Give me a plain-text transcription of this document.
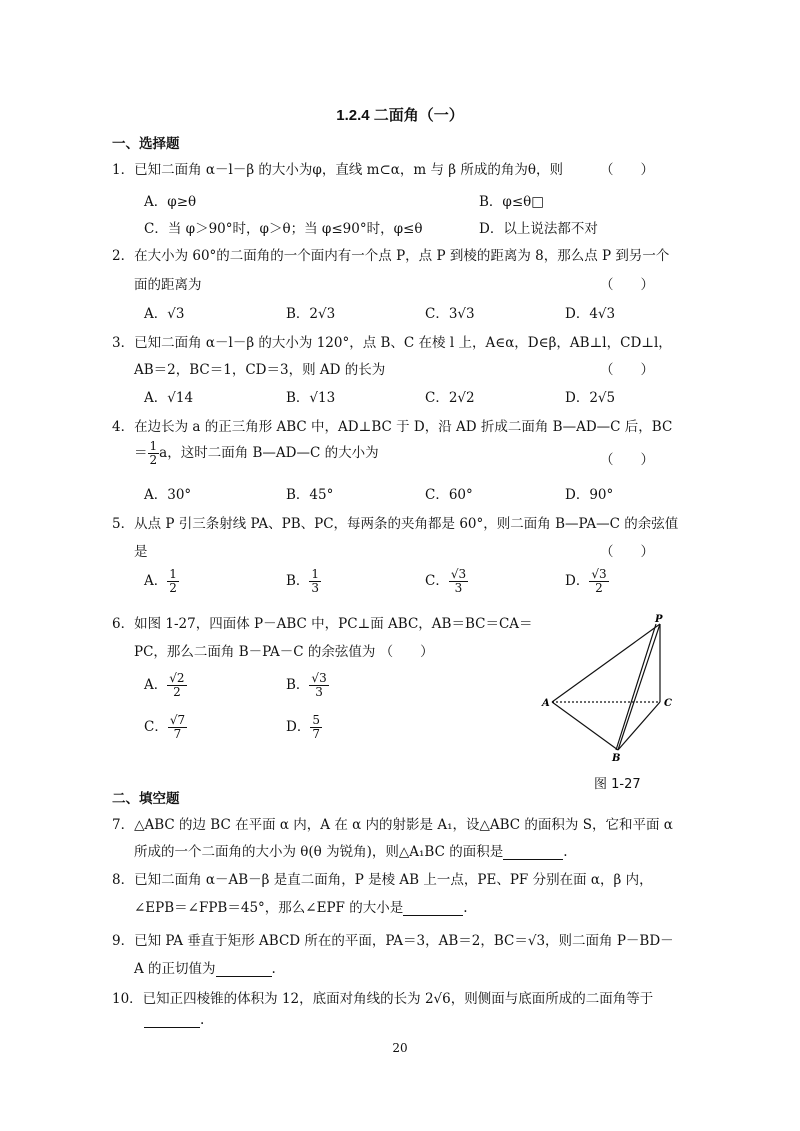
1.2.4 二面角（一）
一、选择题
1．已知二面角 α－l－β 的大小为φ，直线 m⊂α，m 与 β 所成的角为θ，则	（　　）
A．φ≥θ	B．φ≤θ□
C．当 φ＞90°时，φ＞θ；当 φ≤90°时，φ≤θ	D．以上说法都不对
2．在大小为 60°的二面角的一个面内有一个点 P，点 P 到棱的距离为 8，那么点 P 到另一个
面的距离为	（　　）
A．√3	B．2√3	C．3√3	D．4√3
3．已知二面角 α－l－β 的大小为 120°，点 B、C 在棱 l 上，A∈α，D∈β，AB⊥l，CD⊥l，
AB＝2，BC＝1，CD＝3，则 AD 的长为	（　　）
A．√14	B．√13	C．2√2	D．2√5
4．在边长为 a 的正三角形 ABC 中，AD⊥BC 于 D，沿 AD 折成二面角 B—AD—C 后，BC
＝ $\frac{1}{2}$ a，这时二面角 B—AD—C 的大小为	（　　）
A．30°	B．45°	C．60°	D．90°
5．从点 P 引三条射线 PA、PB、PC，每两条的夹角都是 60°，则二面角 B—PA—C 的余弦值
是	（　　）
A． $\frac{1}{2}$	B． $\frac{1}{3}$	C． $\frac{√3}{3}$	D． $\frac{√3}{2}$
6．如图 1-27，四面体 P－ABC 中，PC⊥面 ABC，AB＝BC＝CA＝
PC，那么二面角 B－PA－C 的余弦值为 （　　）
A． $\frac{√2}{2}$	B． $\frac{√3}{3}$
C． $\frac{√7}{7}$	D． $\frac{5}{7}$
P
A	C
B
图 1-27
二、填空题
7．△ABC 的边 BC 在平面 α 内，A 在 α 内的射影是 A₁，设△ABC 的面积为 S，它和平面 α
所成的一个二面角的大小为 θ(θ 为锐角)，则△A₁BC 的面积是	.
8．已知二面角 α－AB－β 是直二面角，P 是棱 AB 上一点，PE、PF 分别在面 α，β 内，
∠EPB＝∠FPB＝45°，那么∠EPF 的大小是	.
9．已知 PA 垂直于矩形 ABCD 所在的平面，PA＝3，AB＝2，BC＝√3，则二面角 P－BD－
A 的正切值为	.
10．已知正四棱锥的体积为 12，底面对角线的长为 2√6，则侧面与底面所成的二面角等于
.
20
